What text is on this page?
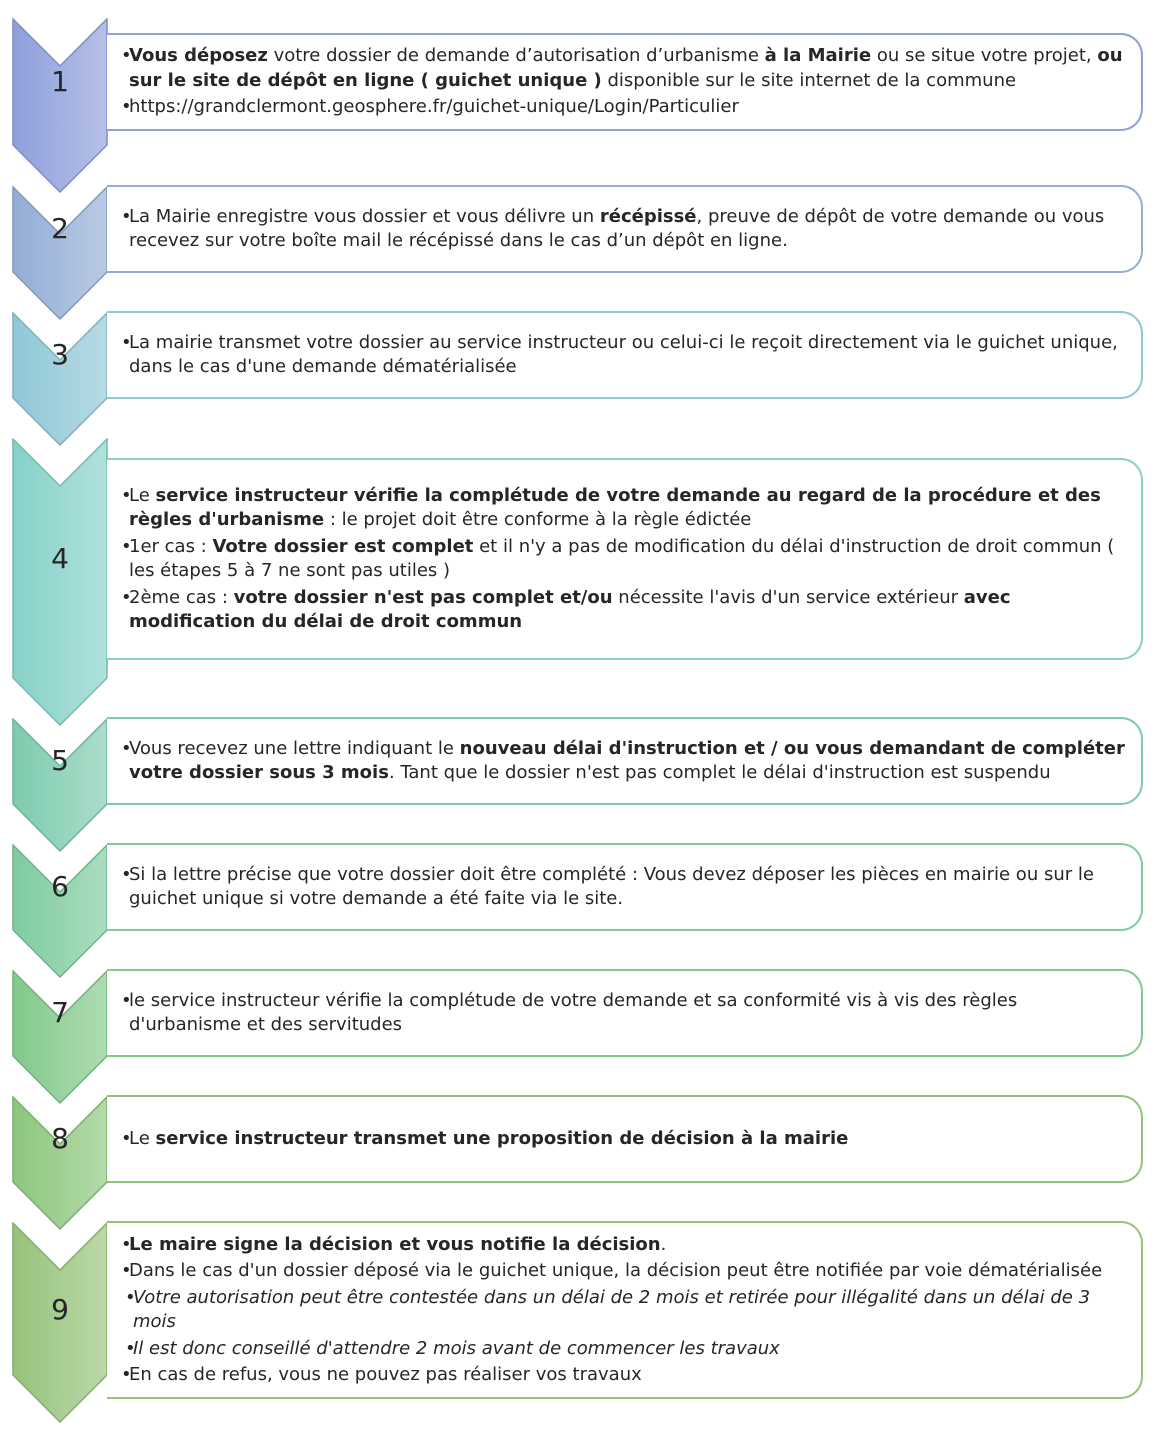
1
• Vous déposez votre dossier de demande d’autorisation d’urbanisme à la Mairie ou se situe votre projet, ou sur le site de dépôt en ligne ( guichet unique ) disponible sur le site internet de la commune
• https://grandclermont.geosphere.fr/guichet-unique/Login/Particulier
2	• La Mairie enregistre vous dossier et vous délivre un récépissé, preuve de dépôt de votre demande ou vous recevez sur votre boîte mail le récépissé dans le cas d’un dépôt en ligne.
3	• La mairie transmet votre dossier au service instructeur ou celui-ci le reçoit directement via le guichet unique, dans le cas d'une demande dématérialisée
4
• Le service instructeur vérifie la complétude de votre demande au regard de la procédure et des règles d'urbanisme : le projet doit être conforme à la règle édictée
• 1er cas : Votre dossier est complet et il n'y a pas de modification du délai d'instruction de droit commun ( les étapes 5 à 7 ne sont pas utiles )
• 2ème cas : votre dossier n'est pas complet et/ou nécessite l'avis d'un service extérieur avec modification du délai de droit commun
5	• Vous recevez une lettre indiquant le nouveau délai d'instruction et / ou vous demandant de compléter votre dossier sous 3 mois. Tant que le dossier n'est pas complet le délai d'instruction est suspendu
6	• Si la lettre précise que votre dossier doit être complété : Vous devez déposer les pièces en mairie ou sur le guichet unique si votre demande a été faite via le site.
7	• le service instructeur vérifie la complétude de votre demande et sa conformité vis à vis des règles d'urbanisme et des servitudes
8	• Le service instructeur transmet une proposition de décision à la mairie
9
• Le maire signe la décision et vous notifie la décision.
• Dans le cas d'un dossier déposé via le guichet unique, la décision peut être notifiée par voie dématérialisée
• Votre autorisation peut être contestée dans un délai de 2 mois et retirée pour illégalité dans un délai de 3 mois
• Il est donc conseillé d'attendre 2 mois avant de commencer les travaux
• En cas de refus, vous ne pouvez pas réaliser vos travaux
